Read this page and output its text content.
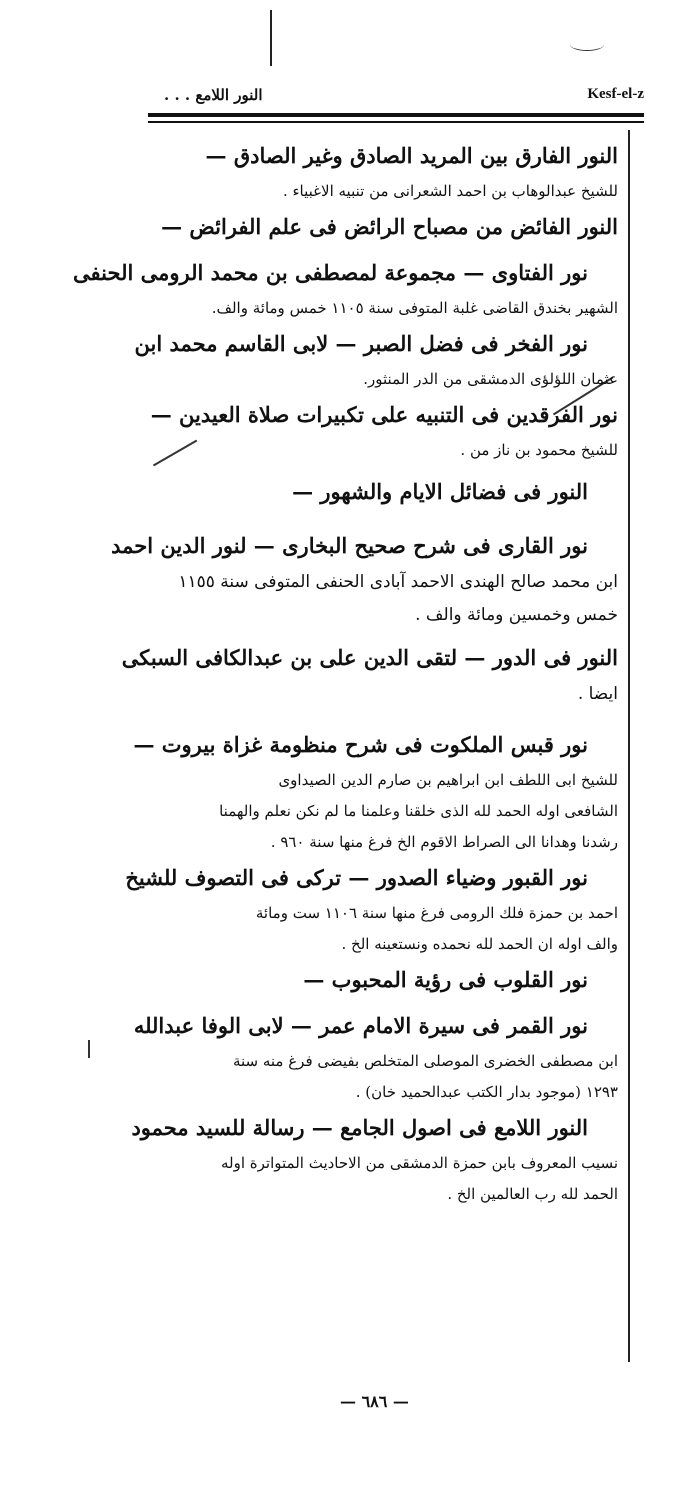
النور اللامع . . .	Kesf-el-z
النور الفارق بين المريد الصادق وغير الصادق —
للشيخ عبدالوهاب بن احمد الشعرانى من تنبيه الاغبياء .
النور الفائض من مصباح الرائض فى علم الفرائض —
نور الفتاوى — مجموعة لمصطفى بن محمد الرومى الحنفى
الشهير بخندق القاضى غلبة المتوفى سنة ١١٠٥ خمس ومائة والف.
نور الفخر فى فضل الصبر — لابى القاسم محمد ابن
عثمان اللؤلؤى الدمشقى من الدر المنثور.
نور الفرقدين فى التنبيه على تكبيرات صلاة العيدين —
للشيخ محمود بن ناز من .
النور فى فضائل الايام والشهور —
نور القارى فى شرح صحيح البخارى — لنور الدين احمد
ابن محمد صالح الهندى الاحمد آبادى الحنفى المتوفى سنة ١١٥٥
خمس وخمسين ومائة والف .
النور فى الدور — لتقى الدين على بن عبدالكافى السبكى
ايضا .
نور قبس الملكوت فى شرح منظومة غزاة بيروت —
للشيخ ابى اللطف ابن ابراهيم بن صارم الدين الصيداوى
الشافعى اوله الحمد لله الذى خلقنا وعلمنا ما لم نكن نعلم والهمنا
رشدنا وهدانا الى الصراط الاقوم الخ فرغ منها سنة ٩٦٠ .
نور القبور وضياء الصدور — تركى فى التصوف للشيخ
احمد بن حمزة فلك الرومى فرغ منها سنة ١١٠٦ ست ومائة
والف اوله ان الحمد لله نحمده ونستعينه الخ .
نور القلوب فى رؤية المحبوب —
نور القمر فى سيرة الامام عمر — لابى الوفا عبدالله
ابن مصطفى الخضرى الموصلى المتخلص بفيضى فرغ منه سنة
١٢٩٣ (موجود بدار الكتب عبدالحميد خان) .
النور اللامع فى اصول الجامع — رسالة للسيد محمود
نسيب المعروف بابن حمزة الدمشقى من الاحاديث المتواترة اوله
الحمد لله رب العالمين الخ .
— ٦٨٦ —
